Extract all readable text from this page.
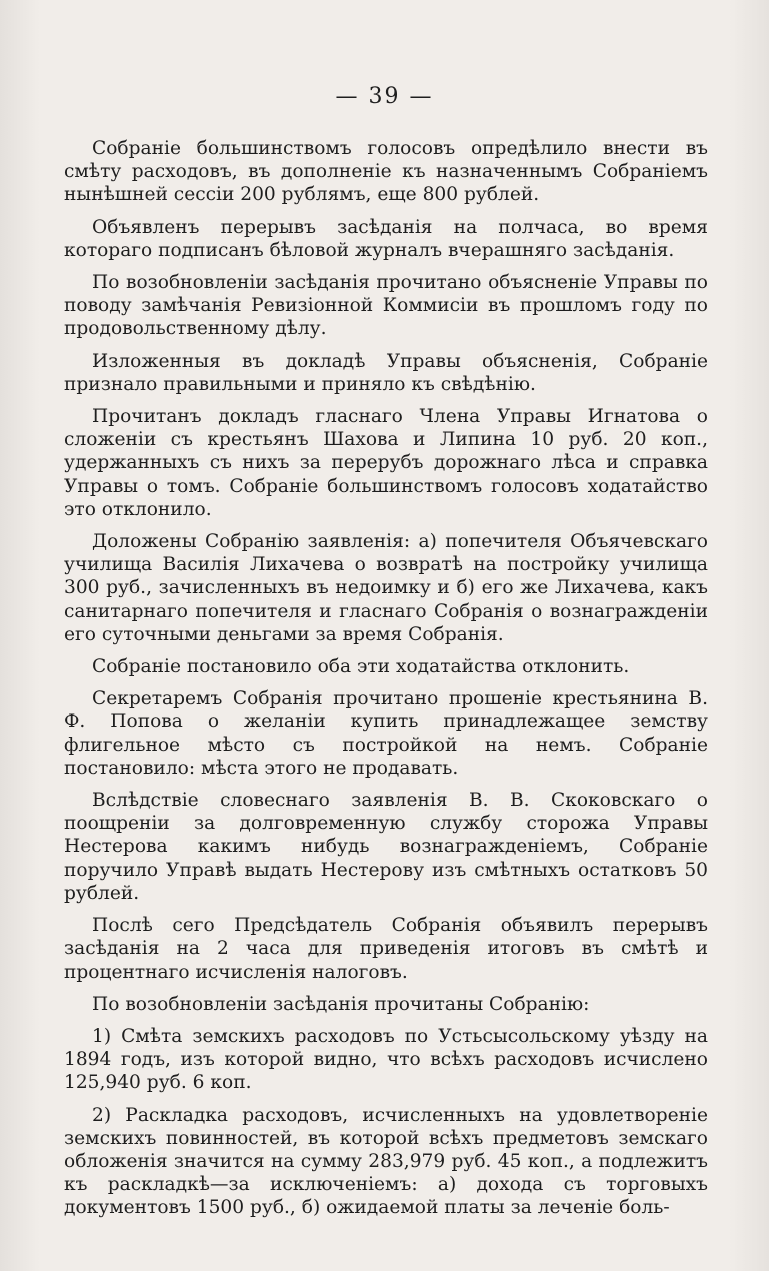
— 39 —

Собраніе большинствомъ голосовъ опредѣлило внести въ смѣту расходовъ, въ дополненіе къ назначеннымъ Собраніемъ нынѣшней сессіи 200 рублямъ, еще 800 рублей.

Объявленъ перерывъ засѣданія на полчаса, во время котораго подписанъ бѣловой журналъ вчерашняго засѣданія.

По возобновленіи засѣданія прочитано объясненіе Управы по поводу замѣчанія Ревизіонной Коммисіи въ прошломъ году по продовольственному дѣлу.

Изложенныя въ докладѣ Управы объясненія, Собраніе признало правильными и приняло къ свѣдѣнію.

Прочитанъ докладъ гласнаго Члена Управы Игнатова о сложеніи съ крестьянъ Шахова и Липина 10 руб. 20 коп., удержанныхъ съ нихъ за перерубъ дорожнаго лѣса и справка Управы о томъ. Собраніе большинствомъ голосовъ ходатайство это отклонило.

Доложены Собранію заявленія: а) попечителя Объячевскаго училища Василія Лихачева о возвратѣ на постройку училища 300 руб., зачисленныхъ въ недоимку и б) его же Лихачева, какъ санитарнаго попечителя и гласнаго Собранія о вознагражденіи его суточными деньгами за время Собранія.

Собраніе постановило оба эти ходатайства отклонить.

Секретаремъ Собранія прочитано прошеніе крестьянина В. Ф. Попова о желаніи купить принадлежащее земству флигельное мѣсто съ постройкой на немъ. Собраніе постановило: мѣста этого не продавать.

Вслѣдствіе словеснаго заявленія В. В. Скоковскаго о поощреніи за долговременную службу сторожа Управы Нестерова какимъ нибудь вознагражденіемъ, Собраніе поручило Управѣ выдать Нестерову изъ смѣтныхъ остатковъ 50 рублей.

Послѣ сего Предсѣдатель Собранія объявилъ перерывъ засѣданія на 2 часа для приведенія итоговъ въ смѣтѣ и процентнаго исчисленія налоговъ.

По возобновленіи засѣданія прочитаны Собранію:

1) Смѣта земскихъ расходовъ по Устьсысольскому уѣзду на 1894 годъ, изъ которой видно, что всѣхъ расходовъ исчислено 125,940 руб. 6 коп.

2) Раскладка расходовъ, исчисленныхъ на удовлетвореніе земскихъ повинностей, въ которой всѣхъ предметовъ земскаго обложенія значится на сумму 283,979 руб. 45 коп., а подлежитъ къ раскладкѣ—за исключеніемъ: а) дохода съ торговыхъ документовъ 1500 руб., б) ожидаемой платы за леченіе боль-
